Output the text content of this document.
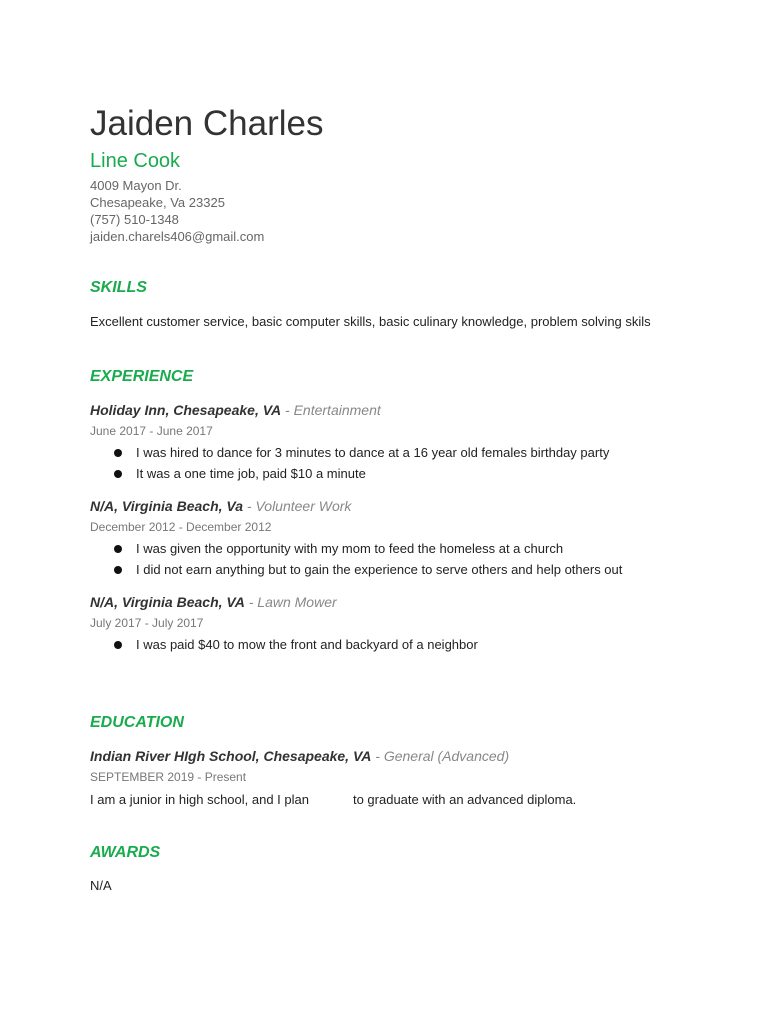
Jaiden Charles
Line Cook
4009 Mayon Dr.
Chesapeake, Va 23325
(757) 510-1348
jaiden.charels406@gmail.com
SKILLS
Excellent customer service, basic computer skills, basic culinary knowledge, problem solving skils
EXPERIENCE
Holiday Inn, Chesapeake, VA - Entertainment
June 2017 - June 2017
I was hired to dance for 3 minutes to dance at a 16 year old females birthday party
It was a one time job, paid $10 a minute
N/A, Virginia Beach, Va - Volunteer Work
December 2012 - December 2012
I was given the opportunity with my mom to feed the homeless at a church
I did not earn anything but to gain the experience to serve others and help others out
N/A, Virginia Beach, VA - Lawn Mower
July 2017 - July 2017
I was paid $40 to mow the front and backyard of a neighbor
EDUCATION
Indian River HIgh School, Chesapeake, VA - General (Advanced)
SEPTEMBER 2019 - Present
I am a junior in high school, and I plan	to graduate with an advanced diploma.
AWARDS
N/A
